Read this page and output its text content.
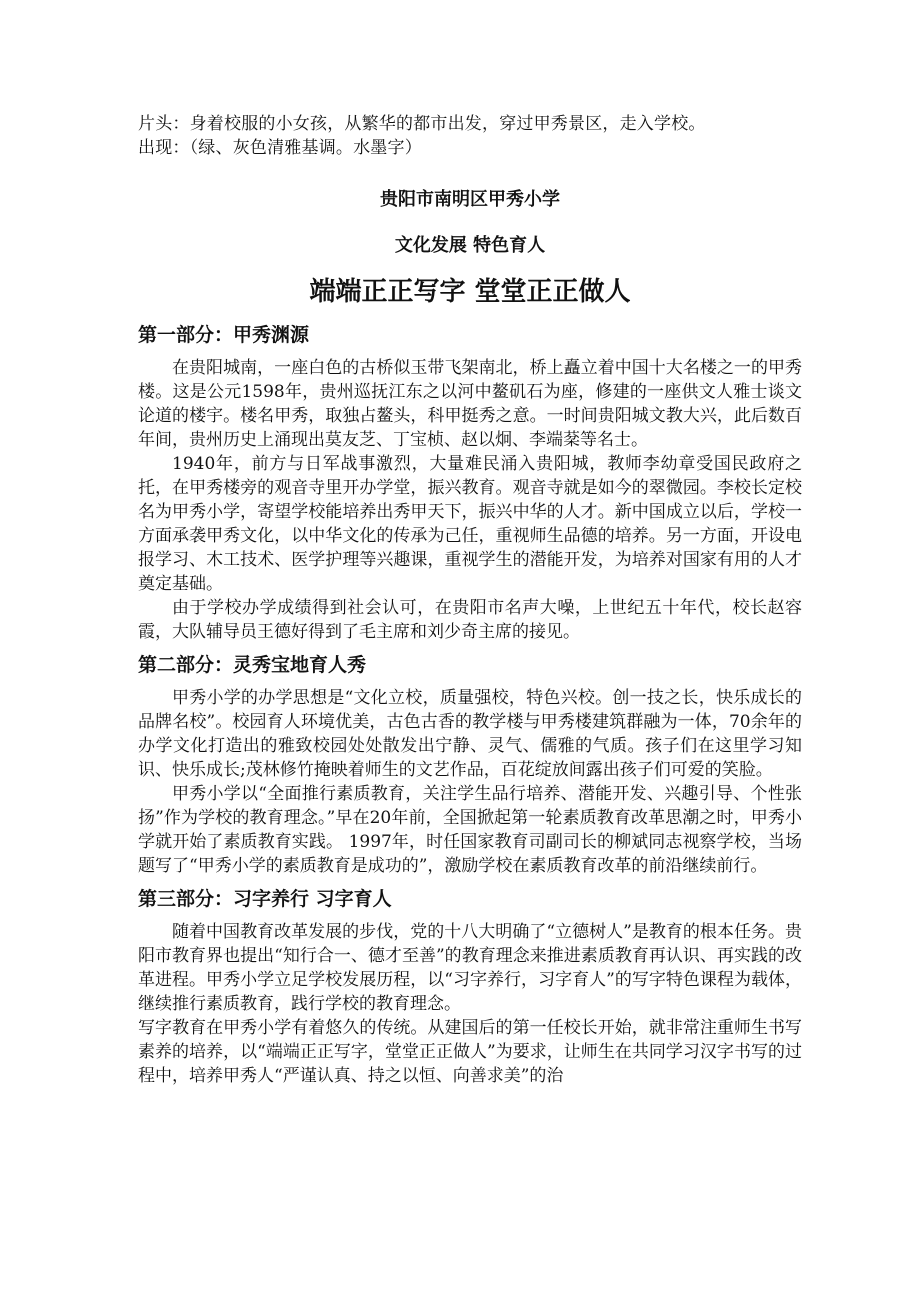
片头：身着校服的小女孩，从繁华的都市出发，穿过甲秀景区，走入学校。
出现：（绿、灰色清雅基调。水墨字）
贵阳市南明区甲秀小学
文化发展 特色育人
端端正正写字 堂堂正正做人
第一部分：甲秀渊源

在贵阳城南，一座白色的古桥似玉带飞架南北，桥上矗立着中国十大名楼之一的甲秀楼。这是公元1598年，贵州巡抚江东之以河中鳌矶石为座，修建的一座供文人雅士谈文论道的楼宇。楼名甲秀，取独占鳌头，科甲挺秀之意。一时间贵阳城文教大兴，此后数百年间，贵州历史上涌现出莫友芝、丁宝桢、赵以炯、李端棻等名士。

1940年，前方与日军战事激烈，大量难民涌入贵阳城，教师李幼章受国民政府之托，在甲秀楼旁的观音寺里开办学堂，振兴教育。观音寺就是如今的翠微园。李校长定校名为甲秀小学，寄望学校能培养出秀甲天下，振兴中华的人才。新中国成立以后，学校一方面承袭甲秀文化，以中华文化的传承为己任，重视师生品德的培养。另一方面，开设电报学习、木工技术、医学护理等兴趣课，重视学生的潜能开发，为培养对国家有用的人才奠定基础。

由于学校办学成绩得到社会认可，在贵阳市名声大噪，上世纪五十年代，校长赵容霞，大队辅导员王德好得到了毛主席和刘少奇主席的接见。

第二部分：灵秀宝地育人秀

甲秀小学的办学思想是“文化立校，质量强校，特色兴校。创一技之长，快乐成长的品牌名校”。校园育人环境优美，古色古香的教学楼与甲秀楼建筑群融为一体，70余年的办学文化打造出的雅致校园处处散发出宁静、灵气、儒雅的气质。孩子们在这里学习知识、快乐成长;茂林修竹掩映着师生的文艺作品，百花绽放间露出孩子们可爱的笑脸。

甲秀小学以“全面推行素质教育，关注学生品行培养、潜能开发、兴趣引导、个性张扬”作为学校的教育理念。”早在20年前，全国掀起第一轮素质教育改革思潮之时，甲秀小学就开始了素质教育实践。 1997年，时任国家教育司副司长的柳斌同志视察学校，当场题写了“甲秀小学的素质教育是成功的”，激励学校在素质教育改革的前沿继续前行。

第三部分：习字养行 习字育人

随着中国教育改革发展的步伐，党的十八大明确了“立德树人”是教育的根本任务。贵阳市教育界也提出“知行合一、德才至善”的教育理念来推进素质教育再认识、再实践的改革进程。甲秀小学立足学校发展历程，以“习字养行，习字育人”的写字特色课程为载体，继续推行素质教育，践行学校的教育理念。

写字教育在甲秀小学有着悠久的传统。从建国后的第一任校长开始，就非常注重师生书写素养的培养，以“端端正正写字，堂堂正正做人”为要求，让师生在共同学习汉字书写的过程中，培养甲秀人“严谨认真、持之以恒、向善求美”的治
